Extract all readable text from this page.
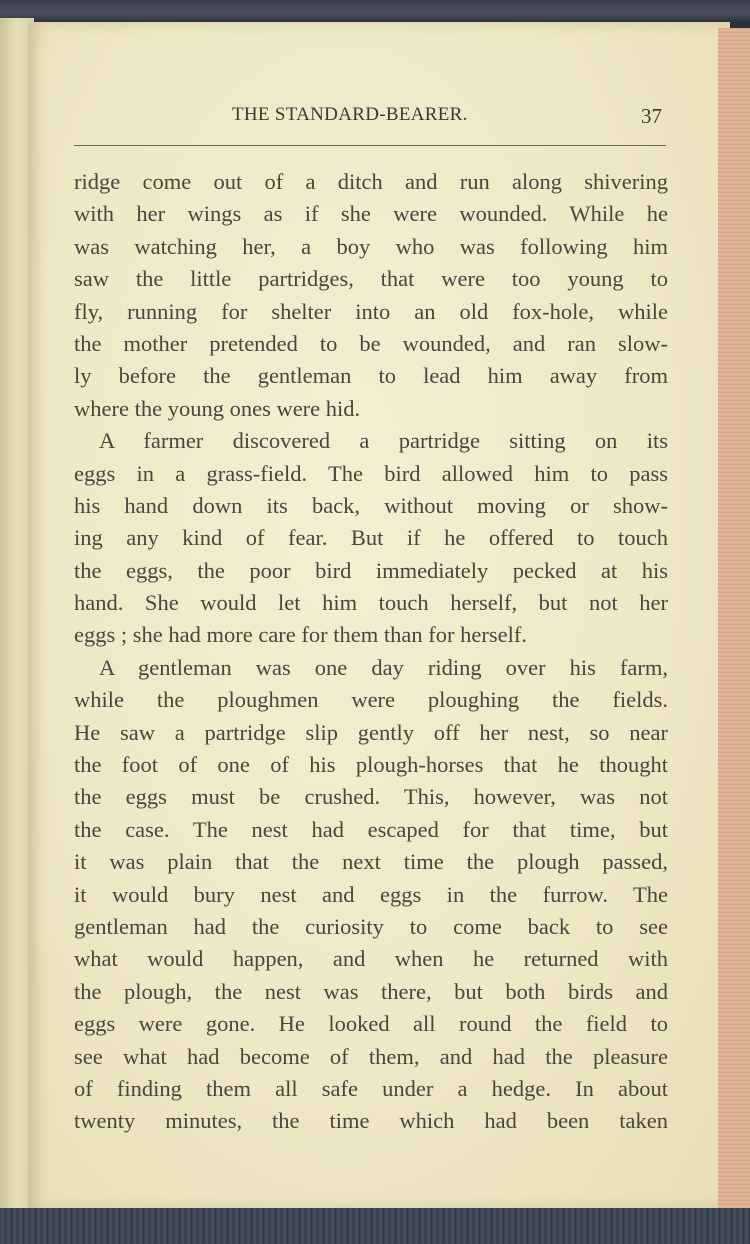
THE STANDARD-BEARER.	37
ridge come out of a ditch and run along shivering
with her wings as if she were wounded. While he
was watching her, a boy who was following him
saw the little partridges, that were too young to
fly, running for shelter into an old fox-hole, while
the mother pretended to be wounded, and ran slow-
ly before the gentleman to lead him away from
where the young ones were hid.
A farmer discovered a partridge sitting on its
eggs in a grass-field. The bird allowed him to pass
his hand down its back, without moving or show-
ing any kind of fear. But if he offered to touch
the eggs, the poor bird immediately pecked at his
hand. She would let him touch herself, but not her
eggs ; she had more care for them than for herself.
A gentleman was one day riding over his farm,
while the ploughmen were ploughing the fields.
He saw a partridge slip gently off her nest, so near
the foot of one of his plough-horses that he thought
the eggs must be crushed. This, however, was not
the case. The nest had escaped for that time, but
it was plain that the next time the plough passed,
it would bury nest and eggs in the furrow. The
gentleman had the curiosity to come back to see
what would happen, and when he returned with
the plough, the nest was there, but both birds and
eggs were gone. He looked all round the field to
see what had become of them, and had the pleasure
of finding them all safe under a hedge. In about
twenty minutes, the time which had been taken
